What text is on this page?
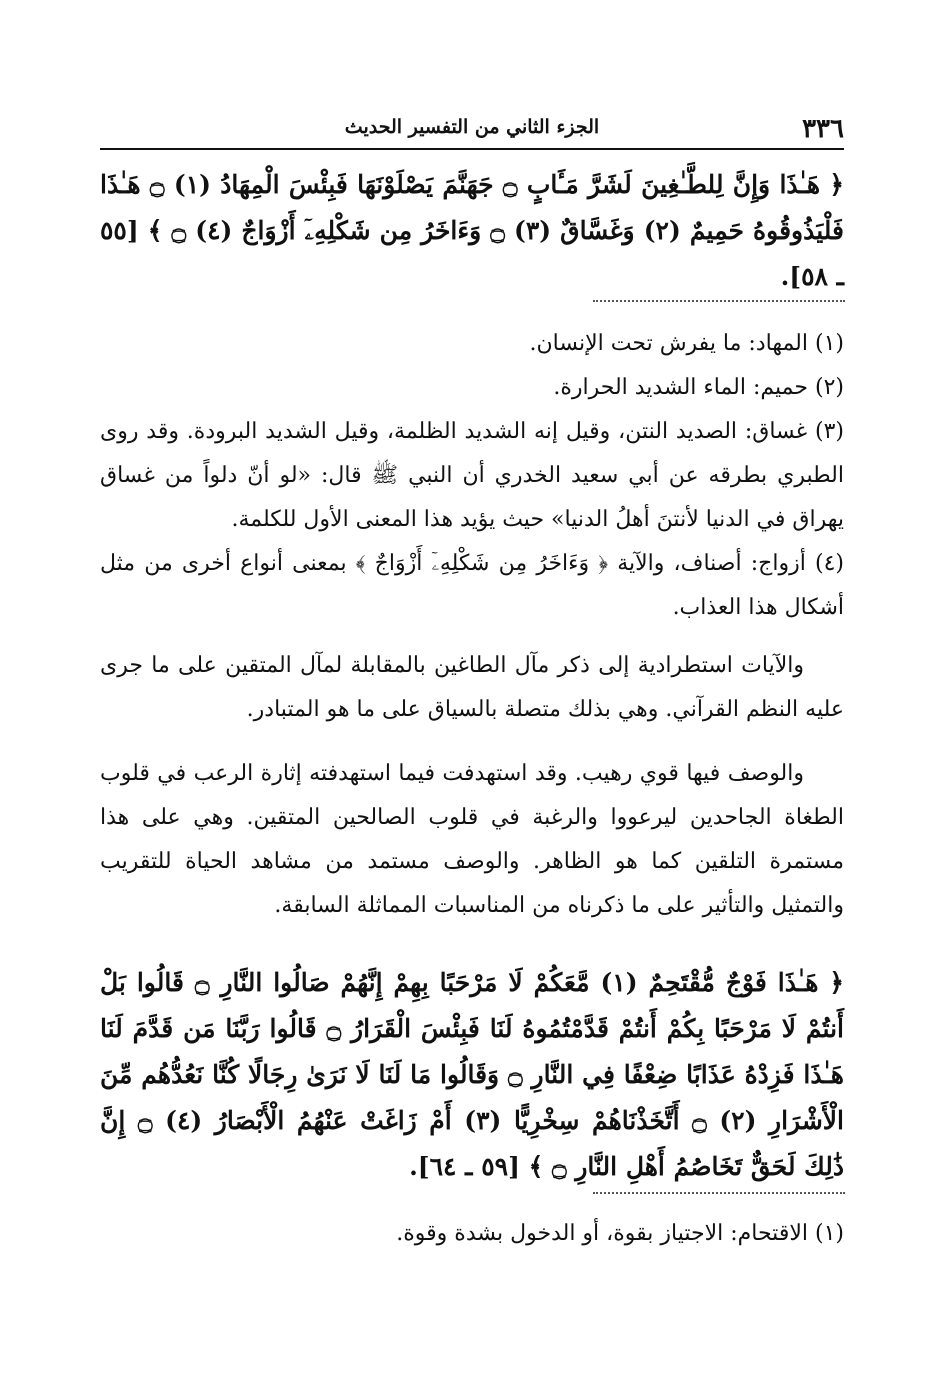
٣٣٦
الجزء الثاني من التفسير الحديث
﴿ هَـٰذَا وَإِنَّ لِلطَّـٰغِينَ لَشَرَّ مَـَٔابٍ ۝ جَهَنَّمَ يَصْلَوْنَهَا فَبِئْسَ الْمِهَادُ (١) ۝ هَـٰذَا فَلْيَذُوقُوهُ حَمِيمٌ (٢) وَغَسَّاقٌ (٣) ۝ وَءَاخَرُ مِن شَكْلِهِۦٓ أَزْوَاجٌ (٤) ۝ ﴾ [٥٥ ـ ٥٨].

(١) المهاد: ما يفرش تحت الإنسان.

(٢) حميم: الماء الشديد الحرارة.

(٣) غساق: الصديد النتن، وقيل إنه الشديد الظلمة، وقيل الشديد البرودة. وقد روى الطبري بطرقه عن أبي سعيد الخدري أن النبي ﷺ قال: «لو أنّ دلواً من غساق يهراق في الدنيا لأنتنَ أهلُ الدنيا» حيث يؤيد هذا المعنى الأول للكلمة.

(٤) أزواج: أصناف، والآية ﴿ وَءَاخَرُ مِن شَكْلِهِۦٓ أَزْوَاجٌ ﴾ بمعنى أنواع أخرى من مثل أشكال هذا العذاب.

والآيات استطرادية إلى ذكر مآل الطاغين بالمقابلة لمآل المتقين على ما جرى عليه النظم القرآني. وهي بذلك متصلة بالسياق على ما هو المتبادر.
والوصف فيها قوي رهيب. وقد استهدفت فيما استهدفته إثارة الرعب في قلوب الطغاة الجاحدين ليرعووا والرغبة في قلوب الصالحين المتقين. وهي على هذا مستمرة التلقين كما هو الظاهر. والوصف مستمد من مشاهد الحياة للتقريب والتمثيل والتأثير على ما ذكرناه من المناسبات المماثلة السابقة.
﴿ هَـٰذَا فَوْجٌ مُّقْتَحِمٌ (١) مَّعَكُمْ لَا مَرْحَبًا بِهِمْ إِنَّهُمْ صَالُوا النَّارِ ۝ قَالُوا بَلْ أَنتُمْ لَا مَرْحَبًا بِكُمْ أَنتُمْ قَدَّمْتُمُوهُ لَنَا فَبِئْسَ الْقَرَارُ ۝ قَالُوا رَبَّنَا مَن قَدَّمَ لَنَا هَـٰذَا فَزِدْهُ عَذَابًا ضِعْفًا فِي النَّارِ ۝ وَقَالُوا مَا لَنَا لَا نَرَىٰ رِجَالًا كُنَّا نَعُدُّهُم مِّنَ الْأَشْرَارِ (٢) ۝ أَتَّخَذْنَاهُمْ سِخْرِيًّا (٣) أَمْ زَاغَتْ عَنْهُمُ الْأَبْصَارُ (٤) ۝ إِنَّ ذَٰلِكَ لَحَقٌّ تَخَاصُمُ أَهْلِ النَّارِ ۝ ﴾ [٥٩ ـ ٦٤].

(١) الاقتحام: الاجتياز بقوة، أو الدخول بشدة وقوة.
